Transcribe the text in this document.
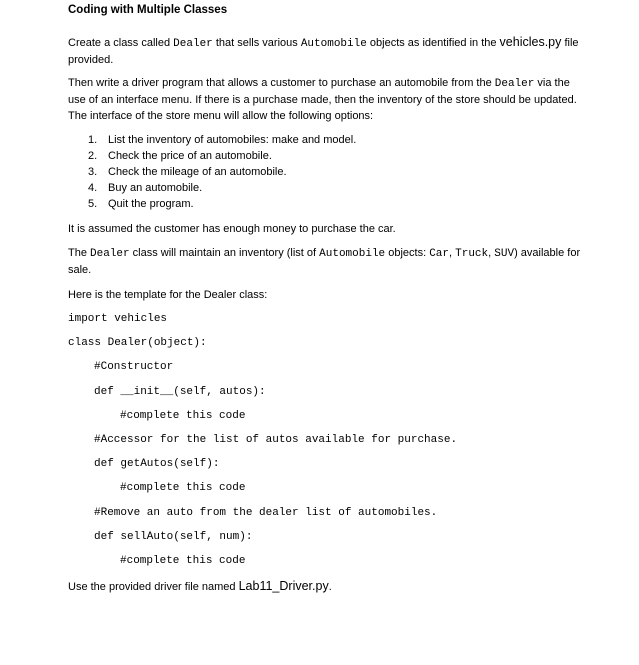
Coding with Multiple Classes

Create a class called Dealer that sells various Automobile objects as identified in the vehicles.py file provided.

Then write a driver program that allows a customer to purchase an automobile from the Dealer via the use of an interface menu. If there is a purchase made, then the inventory of the store should be updated. The interface of the store menu will allow the following options:

1. List the inventory of automobiles: make and model.
2. Check the price of an automobile.
3. Check the mileage of an automobile.
4. Buy an automobile.
5. Quit the program.

It is assumed the customer has enough money to purchase the car.

The Dealer class will maintain an inventory (list of Automobile objects: Car, Truck, SUV) available for sale.

Here is the template for the Dealer class:

import vehicles
class Dealer(object):
#Constructor
def __init__(self, autos):
#complete this code
#Accessor for the list of autos available for purchase.
def getAutos(self):
#complete this code
#Remove an auto from the dealer list of automobiles.
def sellAuto(self, num):
#complete this code

Use the provided driver file named Lab11_Driver.py.
